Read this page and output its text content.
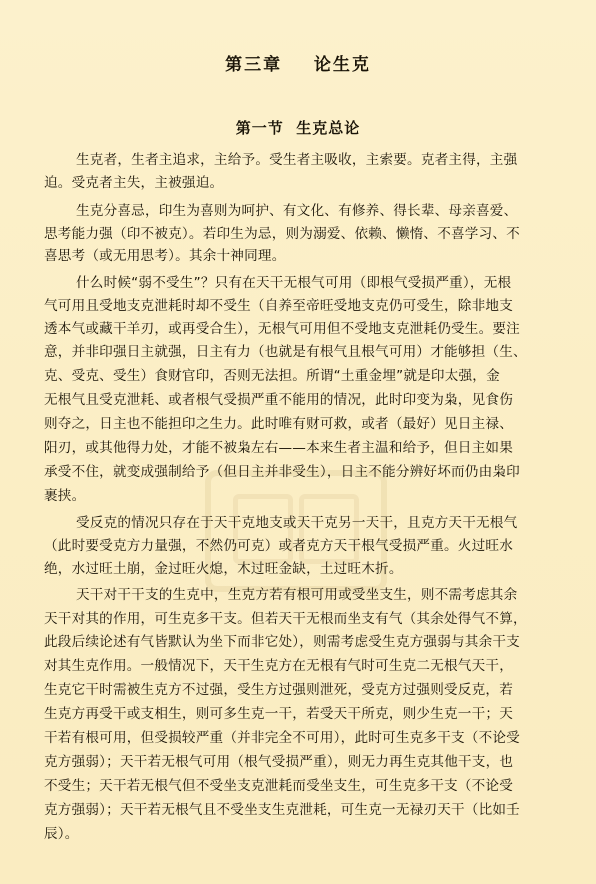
第三章    论生克
第一节  生克总论
生克者，生者主追求，主给予。受生者主吸收，主索要。克者主得，主强
迫。受克者主失，主被强迫。
生克分喜忌，印生为喜则为呵护、有文化、有修养、得长辈、母亲喜爱、
思考能力强（印不被克）。若印生为忌，则为溺爱、依赖、懒惰、不喜学习、不
喜思考（或无用思考）。其余十神同理。
什么时候“弱不受生”？只有在天干无根气可用（即根气受损严重），无根
气可用且受地支克泄耗时却不受生（自养至帝旺受地支克仍可受生，除非地支
透本气或藏干羊刃，或再受合生），无根气可用但不受地支克泄耗仍受生。要注
意，并非印强日主就强，日主有力（也就是有根气且根气可用）才能够担（生、
克、受克、受生）食财官印，否则无法担。所谓“土重金埋”就是印太强，金
无根气且受克泄耗、或者根气受损严重不能用的情况，此时印变为枭，见食伤
则夺之，日主也不能担印之生力。此时唯有财可救，或者（最好）见日主禄、
阳刃，或其他得力处，才能不被枭左右——本来生者主温和给予，但日主如果
承受不住，就变成强制给予（但日主并非受生），日主不能分辨好坏而仍由枭印
裹挟。
受反克的情况只存在于天干克地支或天干克另一天干，且克方天干无根气
（此时要受克方力量强，不然仍可克）或者克方天干根气受损严重。火过旺水
绝，水过旺土崩，金过旺火熄，木过旺金缺，土过旺木折。
天干对干干支的生克中，生克方若有根可用或受坐支生，则不需考虑其余
天干对其的作用，可生克多干支。但若天干无根而坐支有气（其余处得气不算，
此段后续论述有气皆默认为坐下而非它处），则需考虑受生克方强弱与其余干支
对其生克作用。一般情况下，天干生克方在无根有气时可生克二无根气天干，
生克它干时需被生克方不过强，受生方过强则泄死，受克方过强则受反克，若
生克方再受干或支相生，则可多生克一干，若受天干所克，则少生克一干；天
干若有根可用，但受损较严重（并非完全不可用），此时可生克多干支（不论受
克方强弱）；天干若无根气可用（根气受损严重），则无力再生克其他干支，也
不受生；天干若无根气但不受坐支克泄耗而受坐支生，可生克多干支（不论受
克方强弱）；天干若无根气且不受坐支生克泄耗，可生克一无禄刃天干（比如壬
辰）。
